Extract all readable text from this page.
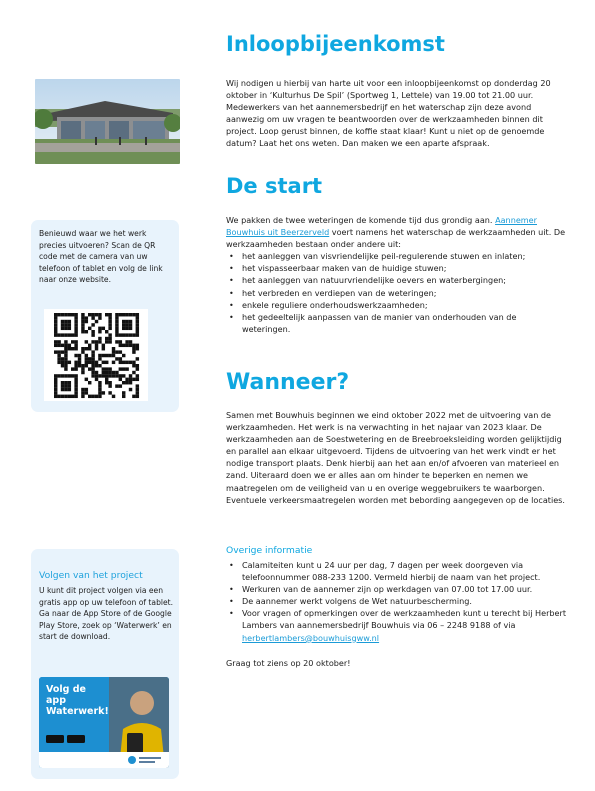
Inloopbijeenkomst

Wij nodigen u hierbij van harte uit voor een inloopbijeenkomst op donderdag 20 oktober in ‘Kulturhus De Spil’ (Sportweg 1, Lettele) van 19.00 tot 21.00 uur. Medewerkers van het aannemersbedrijf en het waterschap zijn deze avond aanwezig om uw vragen te beantwoorden over de werkzaamheden binnen dit project. Loop gerust binnen, de koffie staat klaar! Kunt u niet op de genoemde datum? Laat het ons weten. Dan maken we een aparte afspraak.

De start

We pakken de twee weteringen de komende tijd dus grondig aan. Aannemer Bouwhuis uit Beerzerveld voert namens het waterschap de werkzaamheden uit. De werkzaamheden bestaan onder andere uit:

• het aanleggen van visvriendelijke peil-regulerende stuwen en inlaten;
• het vispasseerbaar maken van de huidige stuwen;
• het aanleggen van natuurvriendelijke oevers en waterbergingen;
• het verbreden en verdiepen van de weteringen;
• enkele reguliere onderhoudswerkzaamheden;
• het gedeeltelijk aanpassen van de manier van onderhouden van de weteringen.
Wanneer?

Samen met Bouwhuis beginnen we eind oktober 2022 met de uitvoering van de werkzaamheden. Het werk is na verwachting in het najaar van 2023 klaar. De werkzaamheden aan de Soestwetering en de Breebroeksleiding worden gelijktijdig en parallel aan elkaar uitgevoerd. Tijdens de uitvoering van het werk vindt er het nodige transport plaats. Denk hierbij aan het aan en/of afvoeren van materieel en zand. Uiteraard doen we er alles aan om hinder te beperken en nemen we maatregelen om de veiligheid van u en overige weggebruikers te waarborgen. Eventuele verkeersmaatregelen worden met bebording aangegeven op de locaties.

Overige informatie

• Calamiteiten kunt u 24 uur per dag, 7 dagen per week doorgeven via telefoonnummer 088-233 1200. Vermeld hierbij de naam van het project.
• Werkuren van de aannemer zijn op werkdagen van 07.00 tot 17.00 uur.
• De aannemer werkt volgens de Wet natuurbescherming.
• Voor vragen of opmerkingen over de werkzaamheden kunt u terecht bij Herbert Lambers van aannemersbedrijf Bouwhuis via 06 – 2248 9188 of via herbertlambers@bouwhuisgww.nl

Graag tot ziens op 20 oktober!

Benieuwd waar we het werk precies uitvoeren? Scan de QR code met de camera van uw telefoon of tablet en volg de link naar onze website.

Volgen van het project

U kunt dit project volgen via een gratis app op uw telefoon of tablet. Ga naar de App Store of de Google Play Store, zoek op ‘Waterwerk’ en start de download.

Volg de app Waterwerk!
